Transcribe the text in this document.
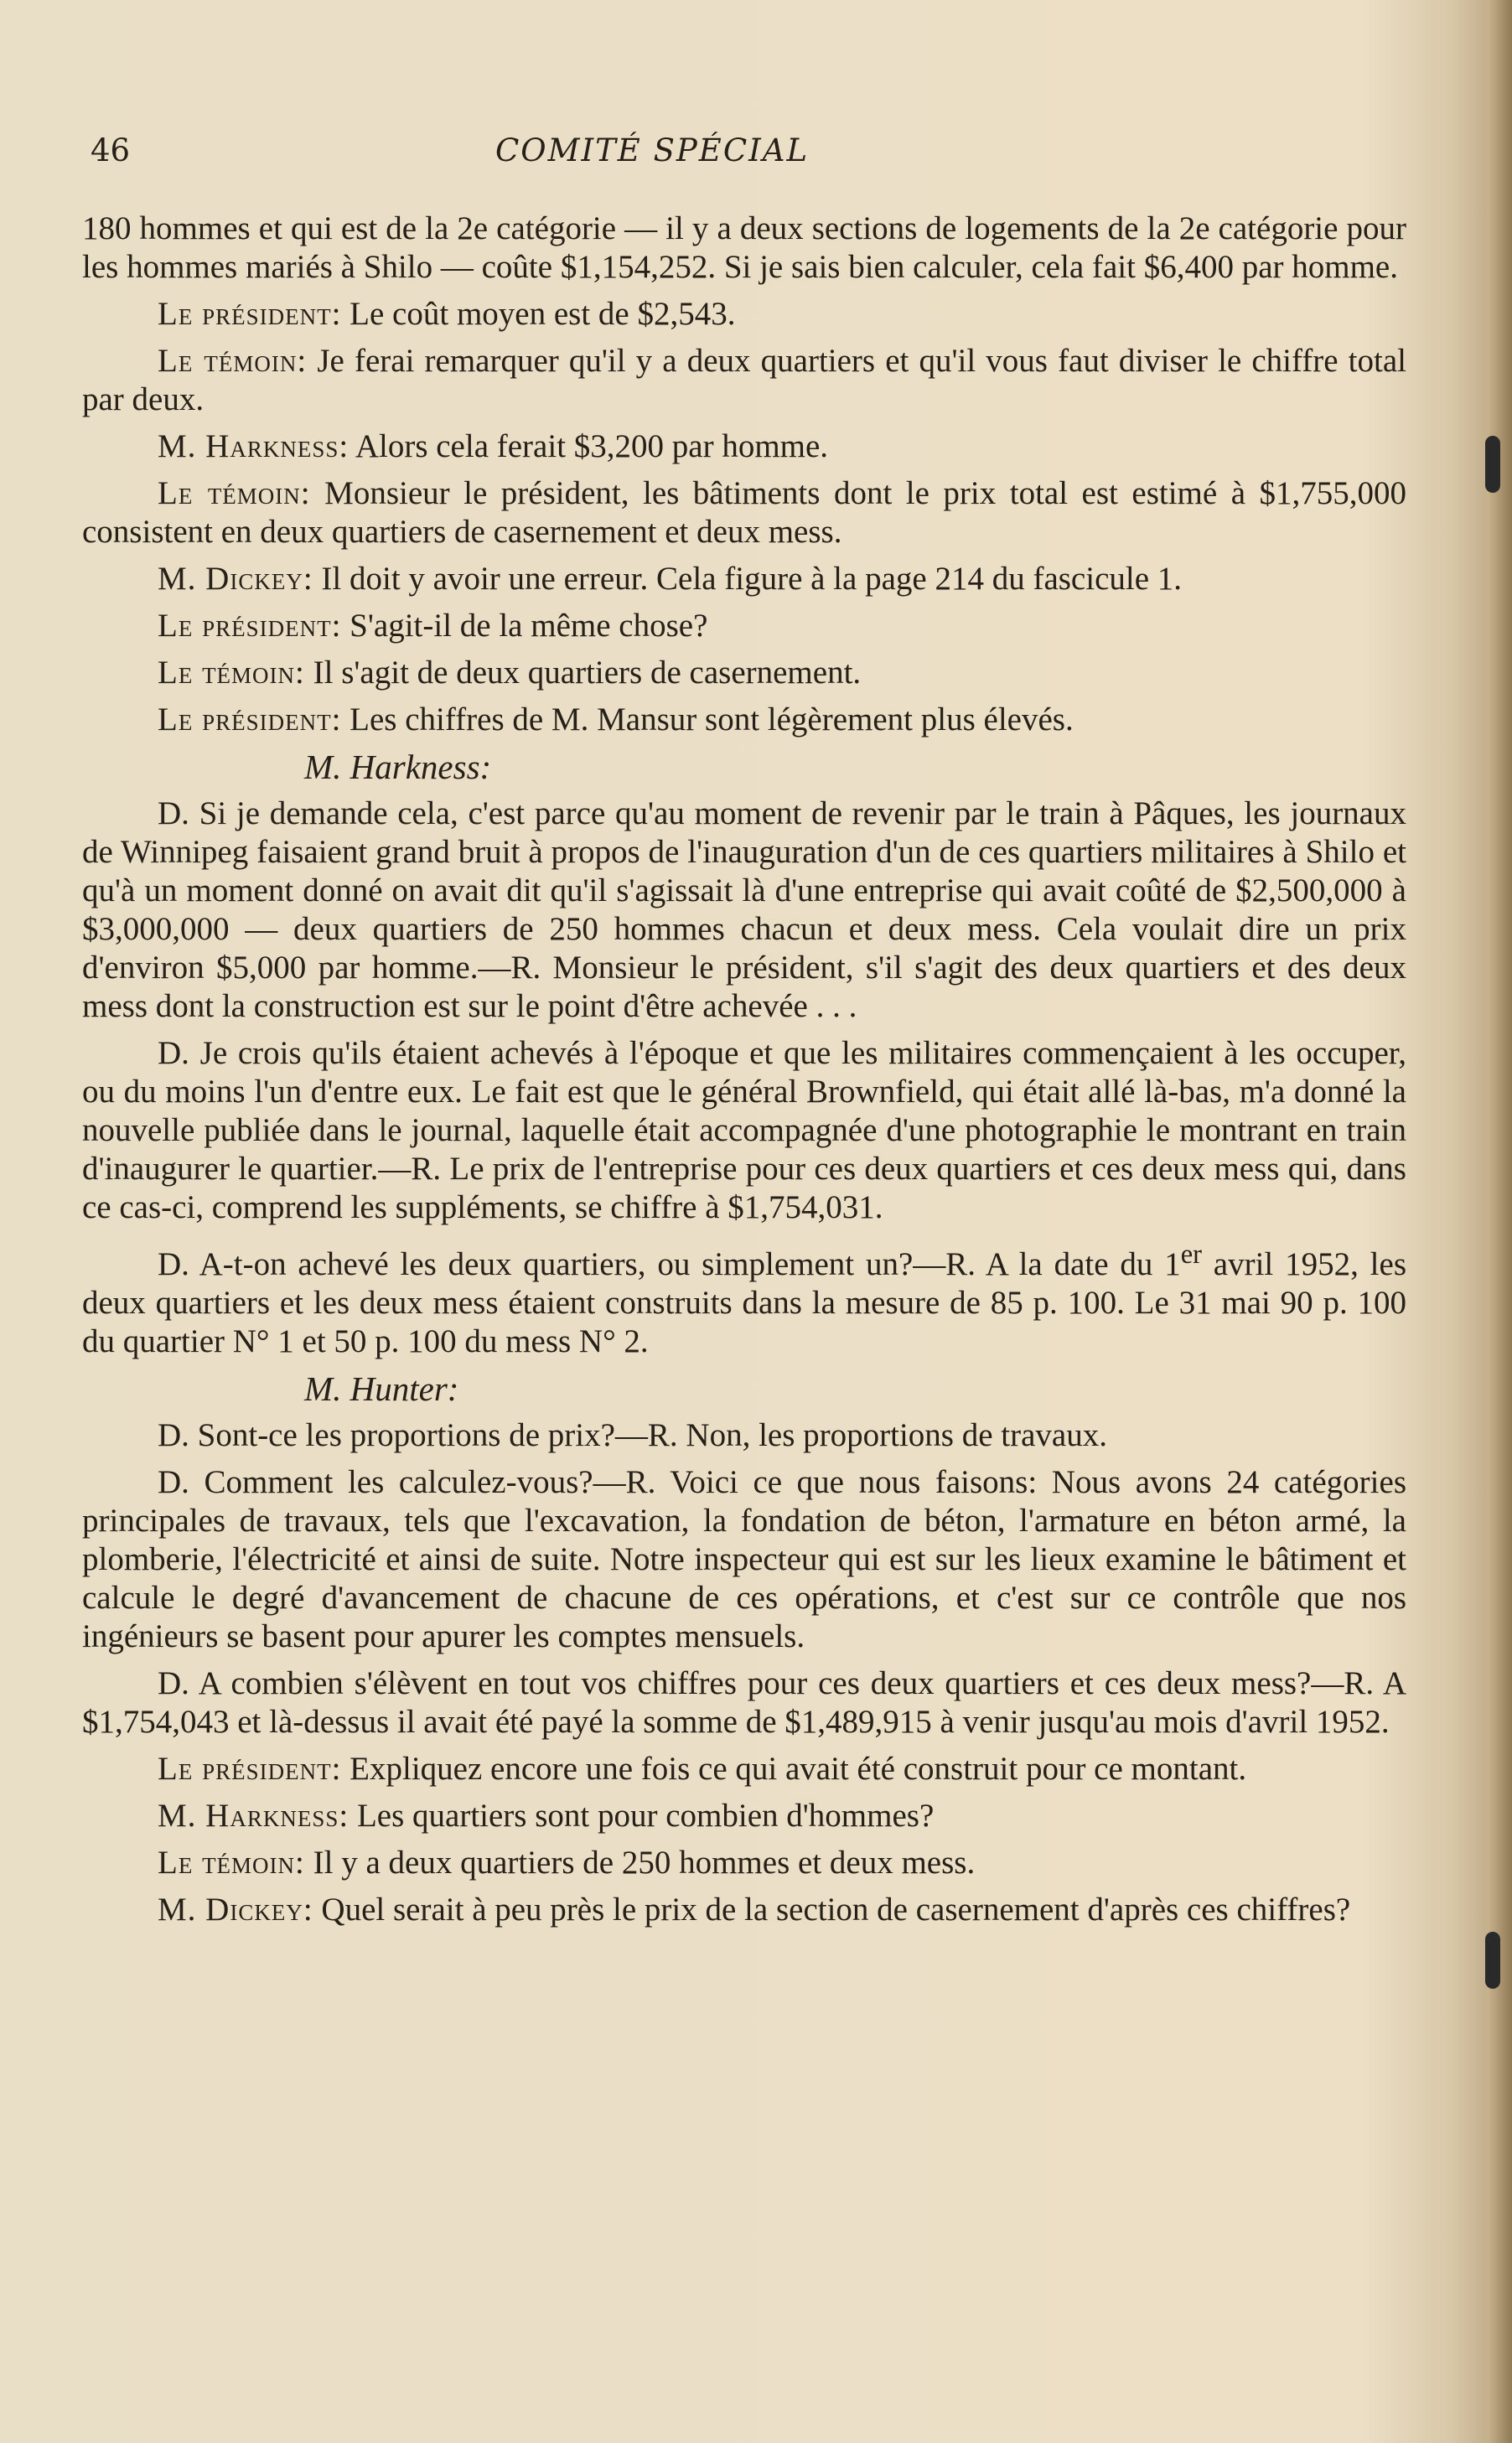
46	COMITÉ SPÉCIAL

180 hommes et qui est de la 2e catégorie — il y a deux sections de logements de la 2e catégorie pour les hommes mariés à Shilo — coûte $1,154,252. Si je sais bien calculer, cela fait $6,400 par homme.

Le président: Le coût moyen est de $2,543.

Le témoin: Je ferai remarquer qu'il y a deux quartiers et qu'il vous faut diviser le chiffre total par deux.

M. Harkness: Alors cela ferait $3,200 par homme.

Le témoin: Monsieur le président, les bâtiments dont le prix total est estimé à $1,755,000 consistent en deux quartiers de casernement et deux mess.

M. Dickey: Il doit y avoir une erreur. Cela figure à la page 214 du fascicule 1.

Le président: S'agit-il de la même chose?

Le témoin: Il s'agit de deux quartiers de casernement.

Le président: Les chiffres de M. Mansur sont légèrement plus élevés.

M. Harkness:

D. Si je demande cela, c'est parce qu'au moment de revenir par le train à Pâques, les journaux de Winnipeg faisaient grand bruit à propos de l'inauguration d'un de ces quartiers militaires à Shilo et qu'à un moment donné on avait dit qu'il s'agissait là d'une entreprise qui avait coûté de $2,500,000 à $3,000,000 — deux quartiers de 250 hommes chacun et deux mess. Cela voulait dire un prix d'environ $5,000 par homme.—R. Monsieur le président, s'il s'agit des deux quartiers et des deux mess dont la construction est sur le point d'être achevée . . .

D. Je crois qu'ils étaient achevés à l'époque et que les militaires commençaient à les occuper, ou du moins l'un d'entre eux. Le fait est que le général Brownfield, qui était allé là-bas, m'a donné la nouvelle publiée dans le journal, laquelle était accompagnée d'une photographie le montrant en train d'inaugurer le quartier.—R. Le prix de l'entreprise pour ces deux quartiers et ces deux mess qui, dans ce cas-ci, comprend les suppléments, se chiffre à $1,754,031.

D. A-t-on achevé les deux quartiers, ou simplement un?—R. A la date du 1er avril 1952, les deux quartiers et les deux mess étaient construits dans la mesure de 85 p. 100. Le 31 mai 90 p. 100 du quartier N° 1 et 50 p. 100 du mess N° 2.

M. Hunter:

D. Sont-ce les proportions de prix?—R. Non, les proportions de travaux.

D. Comment les calculez-vous?—R. Voici ce que nous faisons: Nous avons 24 catégories principales de travaux, tels que l'excavation, la fondation de béton, l'armature en béton armé, la plomberie, l'électricité et ainsi de suite. Notre inspecteur qui est sur les lieux examine le bâtiment et calcule le degré d'avancement de chacune de ces opérations, et c'est sur ce contrôle que nos ingénieurs se basent pour apurer les comptes mensuels.

D. A combien s'élèvent en tout vos chiffres pour ces deux quartiers et ces deux mess?—R. A $1,754,043 et là-dessus il avait été payé la somme de $1,489,915 à venir jusqu'au mois d'avril 1952.

Le président: Expliquez encore une fois ce qui avait été construit pour ce montant.

M. Harkness: Les quartiers sont pour combien d'hommes?

Le témoin: Il y a deux quartiers de 250 hommes et deux mess.

M. Dickey: Quel serait à peu près le prix de la section de casernement d'après ces chiffres?
